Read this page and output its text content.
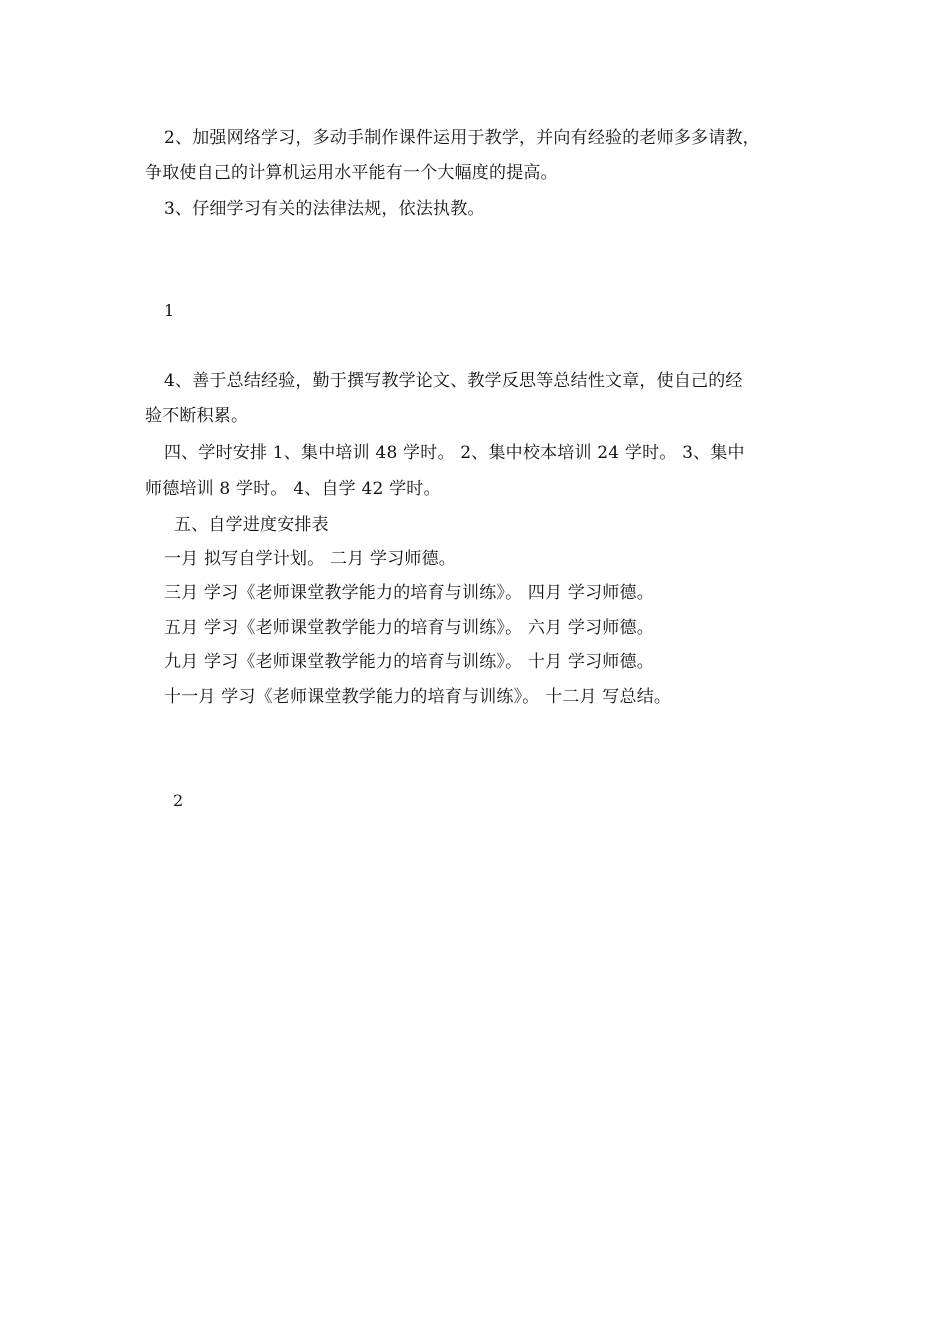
2、加强网络学习，多动手制作课件运用于教学，并向有经验的老师多多请教，
争取使自己的计算机运用水平能有一个大幅度的提高。
3、仔细学习有关的法律法规，依法执教。
1
4、善于总结经验，勤于撰写教学论文、教学反思等总结性文章，使自己的经
验不断积累。
四、学时安排 1、集中培训 48 学时。 2、集中校本培训 24 学时。 3、集中
师德培训 8 学时。 4、自学 42 学时。
五、自学进度安排表
一月 拟写自学计划。 二月 学习师德。
三月 学习《老师课堂教学能力的培育与训练》。 四月 学习师德。
五月 学习《老师课堂教学能力的培育与训练》。 六月 学习师德。
九月 学习《老师课堂教学能力的培育与训练》。 十月 学习师德。
十一月 学习《老师课堂教学能力的培育与训练》。 十二月 写总结。
2
